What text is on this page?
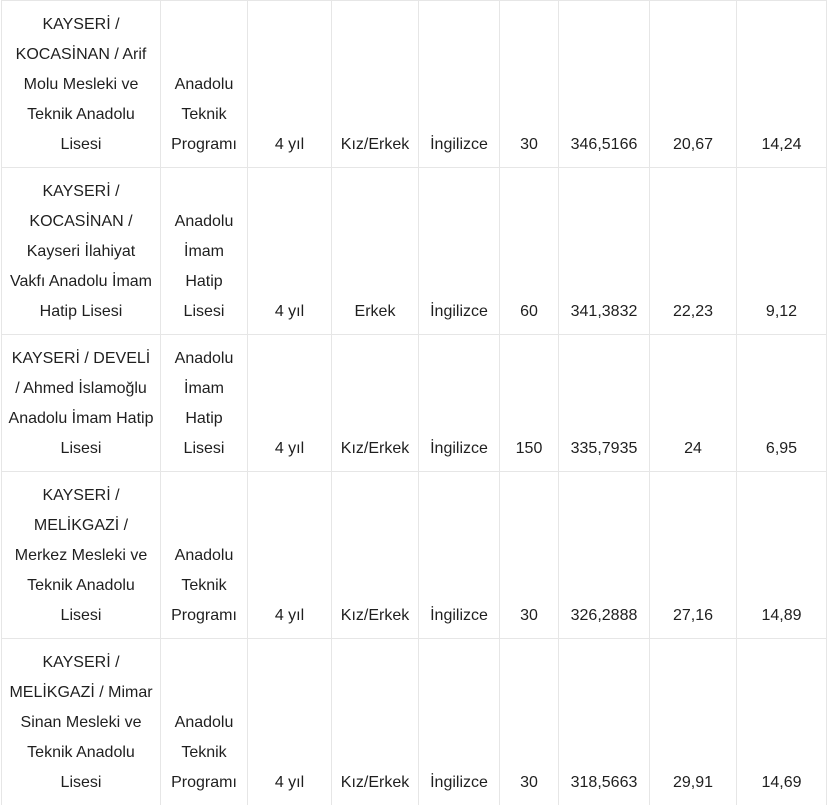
KAYSERİ / KOCASİNAN / Arif Molu Mesleki ve Teknik Anadolu Lisesi	Anadolu Teknik Programı	4 yıl	Kız/Erkek	İngilizce	30	346,5166	20,67	14,24
KAYSERİ / KOCASİNAN / Kayseri İlahiyat Vakfı Anadolu İmam Hatip Lisesi	Anadolu İmam Hatip Lisesi	4 yıl	Erkek	İngilizce	60	341,3832	22,23	9,12
KAYSERİ / DEVELİ / Ahmed İslamoğlu Anadolu İmam Hatip Lisesi	Anadolu İmam Hatip Lisesi	4 yıl	Kız/Erkek	İngilizce	150	335,7935	24	6,95
KAYSERİ / MELİKGAZİ / Merkez Mesleki ve Teknik Anadolu Lisesi	Anadolu Teknik Programı	4 yıl	Kız/Erkek	İngilizce	30	326,2888	27,16	14,89
KAYSERİ / MELİKGAZİ / Mimar Sinan Mesleki ve Teknik Anadolu Lisesi	Anadolu Teknik Programı	4 yıl	Kız/Erkek	İngilizce	30	318,5663	29,91	14,69
